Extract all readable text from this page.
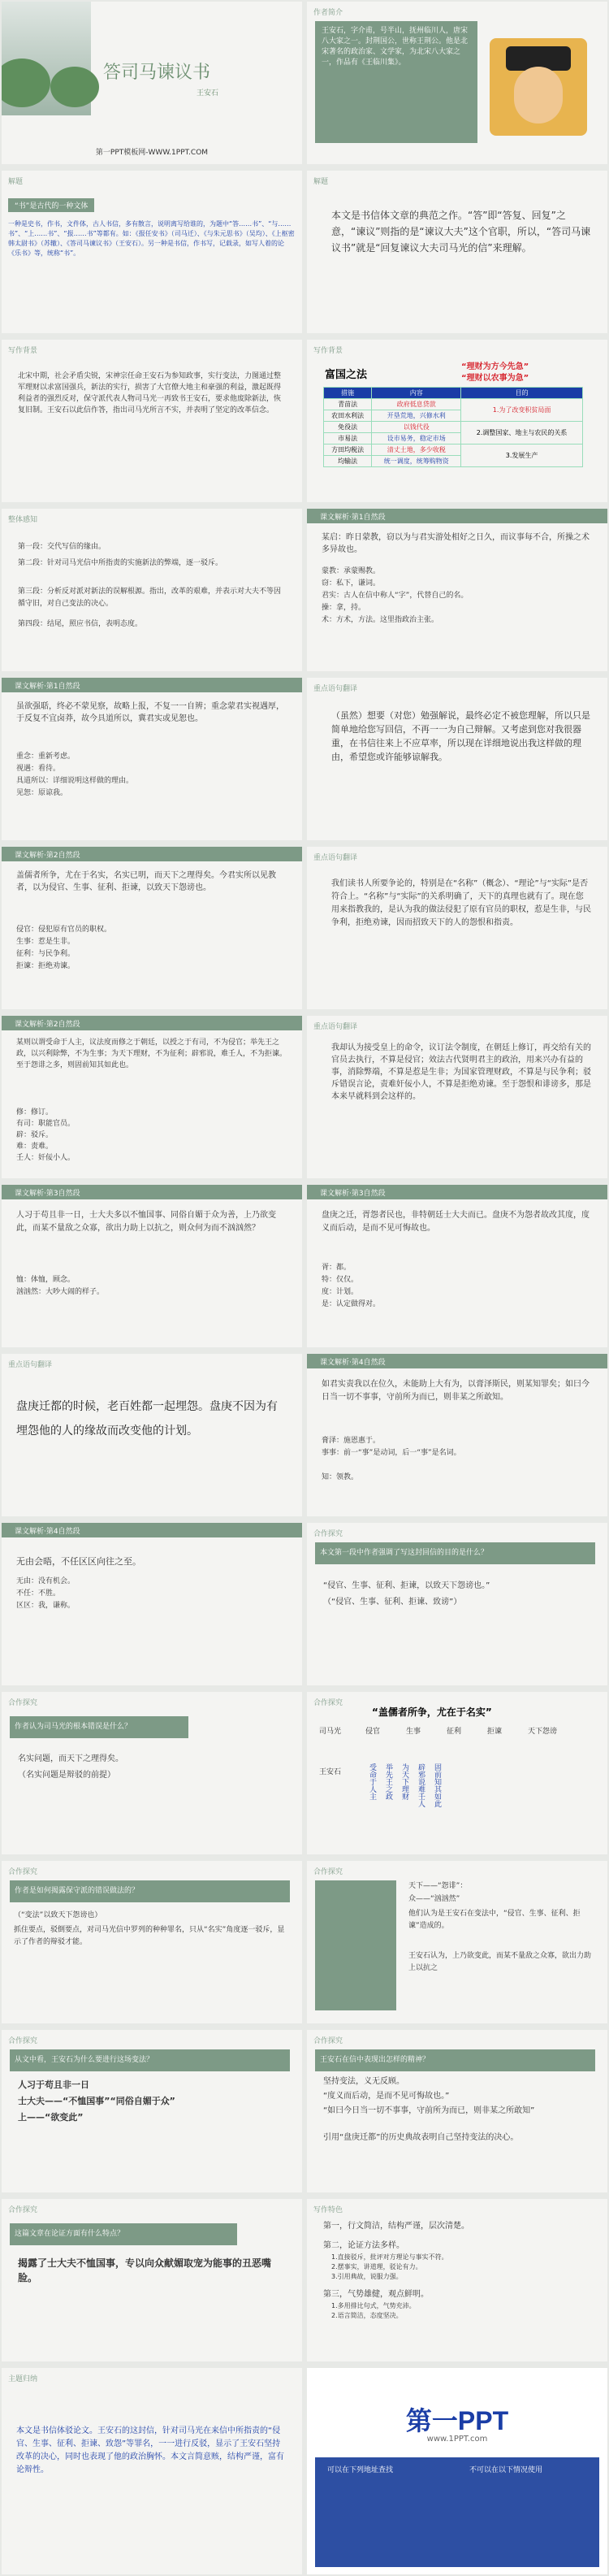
答司马谏议书
王安石
第一PPT模板网-WWW.1PPT.COM
作者简介
王安石，字介甫，号半山，抚州临川人，唐宋八大家之一。封荆国公，世称王荆公。他是北宋著名的政治家、文学家，为北宋八大家之一，作品有《王临川集》。
解题
“书”是古代的一种文体
一种是史书，作书，文件体，古人书信，多有散言，说明离写给谁的，为题中“答……书”、“与……书”、“上……书”、“报……书”等都有。如：《报任安书》（司马迁）、《与朱元思书》（吴均）、《上枢密韩太尉书》（苏辙）、《答司马谏议书》（王安石）。另一种是书信，作书写，记载录，如写人着的论《乐书》等，统称“书”。
解题
本文是书信体文章的典范之作。“答”即“答复、回复”之意，“谏议”则指的是“谏议大夫”这个官职，所以，“答司马谏议书”就是“回复谏议大夫司马光的信”来理解。
写作背景
北宋中期，社会矛盾尖锐，宋神宗任命王安石为参知政事，实行变法，力图通过整军理财以求富国强兵，新法的实行，损害了大官僚大地主和豪强的利益，激起既得利益者的强烈反对，保守派代表人物司马光一再致书王安石，要求他废除新法，恢复旧制。王安石以此信作答，指出司马光所言不实，并表明了坚定的改革信念。
写作背景
富国之法
“理财为方今先急”
“理财以农事为急”
措施	内容	目的
青苗法	政府低息贷款	1.为了改变积贫局面
农田水利法	开垦荒地，兴修水利	
免役法	以钱代役	2.调整国家、地主与农民的关系
市易法	设市易务，稳定市场	
方田均税法	清丈土地，多少收税	3.发展生产
均输法	统一调度，统筹购物资	
整体感知
第一段：交代写信的缘由。
第二段：针对司马光信中所指责的实施新法的弊端，逐一驳斥。
第三段：分析反对派对新法的误解根源。指出，改革的艰难，并表示对大夫不等因循守旧，对自己变法的决心。
第四段：结尾，照应书信，表明态度。
课文解析·第1自然段
某启：昨日蒙教，窃以为与君实游处相好之日久，而议事每不合，所操之术多异故也。
蒙教：承蒙赐教。
窃：私下，谦词。
君实：古人在信中称人“字”，代替自己的名。
操：拿，持。
术：方术，方法。这里指政治主张。
课文解析·第1自然段
虽欲强聒，终必不蒙见察，故略上报，不复一一自辨；重念蒙君实视遇厚，于反复不宜卤莽，故今具道所以，冀君实或见恕也。
重念：重新考虑。
视遇：看待。
具道所以：详细说明这样做的理由。
见恕：原谅我。
重点语句翻译
（虽然）想要（对您）勉强解说，最终必定不被您理解，所以只是简单地给您写回信，不再一一为自己辩解。又考虑到您对我很器重，在书信往来上不应草率，所以现在详细地说出我这样做的理由，希望您或许能够谅解我。
课文解析·第2自然段
盖儒者所争，尤在于名实，名实已明，而天下之理得矣。今君实所以见教者，以为侵官、生事、征利、拒谏，以致天下怨谤也。
侵官：侵犯原有官员的职权。
生事：惹是生非。
征利：与民争利。
拒谏：拒绝劝谏。
重点语句翻译
我们读书人所要争论的，特别是在“名称”（概念）、“理论”与“实际”是否符合上。“名称”与“实际”的关系明确了，天下的真理也就有了。现在您用来指教我的，是认为我的做法侵犯了原有官员的职权，惹是生非，与民争利，拒绝劝谏，因而招致天下的人的怨恨和指责。
课文解析·第2自然段
某则以谓受命于人主，议法度而修之于朝廷，以授之于有司，不为侵官；举先王之政，以兴利除弊，不为生事；为天下理财，不为征利；辟邪说，难壬人，不为拒谏。至于怨诽之多，则固前知其如此也。
修：修订。
有司：职能官员。
辟：驳斥。
难：责难。
壬人：奸佞小人。
重点语句翻译
我却认为接受皇上的命令，议订法令制度，在朝廷上修订，再交给有关的官员去执行，不算是侵官；效法古代贤明君主的政治，用来兴办有益的事，消除弊端，不算是惹是生非；为国家管理财政，不算是与民争利；驳斥错误言论，责难奸佞小人，不算是拒绝劝谏。至于怨恨和诽谤多，那是本来早就料到会这样的。
课文解析·第3自然段
人习于苟且非一日，士大夫多以不恤国事、同俗自媚于众为善，上乃欲变此，而某不量敌之众寡，欲出力助上以抗之，则众何为而不汹汹然？
恤：体恤，顾念。
汹汹然：大吵大闹的样子。
课文解析·第3自然段
盘庚之迁，胥怨者民也，非特朝廷士大夫而已。盘庚不为怨者故改其度，度义而后动，是而不见可悔故也。
胥：都。
特：仅仅。
度：计划。
是：认定做得对。
重点语句翻译
盘庚迁都的时候，老百姓都一起埋怨。盘庚不因为有埋怨他的人的缘故而改变他的计划。
课文解析·第4自然段
如君实责我以在位久，未能助上大有为，以膏泽斯民，则某知罪矣；如曰今日当一切不事事，守前所为而已，则非某之所敢知。
膏泽：施恩惠于。
事事：前一“事”是动词，后一“事”是名词。
知：领教。
课文解析·第4自然段
无由会晤，不任区区向往之至。
无由：没有机会。
不任：不胜。
区区：我，谦称。
合作探究
本文第一段中作者强调了写这封回信的目的是什么？
“侵官、生事、征利、拒谏，以致天下怨谤也。”
（“侵官、生事、征利、拒谏、致谤”）
合作探究
作者认为司马光的根本错误是什么？
名实问题，而天下之理得矣。
（名实问题是辩驳的前提）
合作探究
“盖儒者所争，尤在于名实”
司马光
王安石
侵官	生事	征利	拒谏	天下怨谤
受命于人主 举先王之政 为天下理财 辟邪说难壬人 固前知其如此
合作探究
作者是如何揭露保守派的错误做法的？
（“变法”以致天下怨谤也）
抓住要点，驳倒要点，对司马光信中罗列的种种罪名，只从“名实”角度逐一驳斥，显示了作者的辩驳才能。
合作探究
天下——“怨诽”：
众——“汹汹然”
他们认为是王安石在变法中，“侵官、生事、征利、拒谏”造成的。
王安石认为，上乃欲变此，而某不量敌之众寡，欲出力助上以抗之
合作探究
从文中看，王安石为什么要进行这场变法？
人习于苟且非一日
士大夫——“不恤国事”“同俗自媚于众”
上——“欲变此”
合作探究
王安石在信中表现出怎样的精神？
坚持变法，义无反顾。
“度义而后动，是而不见可悔故也。”
“如曰今日当一切不事事，守前所为而已，则非某之所敢知”
引用“盘庚迁都”的历史典故表明自己坚持变法的决心。
合作探究
这篇文章在论证方面有什么特点？
揭露了士大夫不恤国事，专以向众献媚取宠为能事的丑恶嘴脸。
写作特色
第一，行文简洁，结构严谨，层次清楚。
第二，论证方法多样。
1.直接驳斥，批评对方理论与事实不符。
2.摆事实，讲道理，驳论有力。
3.引用典故，说服力强。
第三，气势雄健，观点鲜明。
1.多用排比句式，气势充沛。
2.语言简洁，态度坚决。
主题归纳
本文是书信体驳论文。王安石的这封信，针对司马光在来信中所指责的“侵官、生事、征利、拒谏、致怨”等罪名，一一进行反驳，显示了王安石坚持改革的决心，同时也表现了他的政治胸怀。本文言简意赅，结构严谨，富有论辩性。
第一PPT
www.1PPT.com
可以在下列地址查找	不可以在以下情况使用
